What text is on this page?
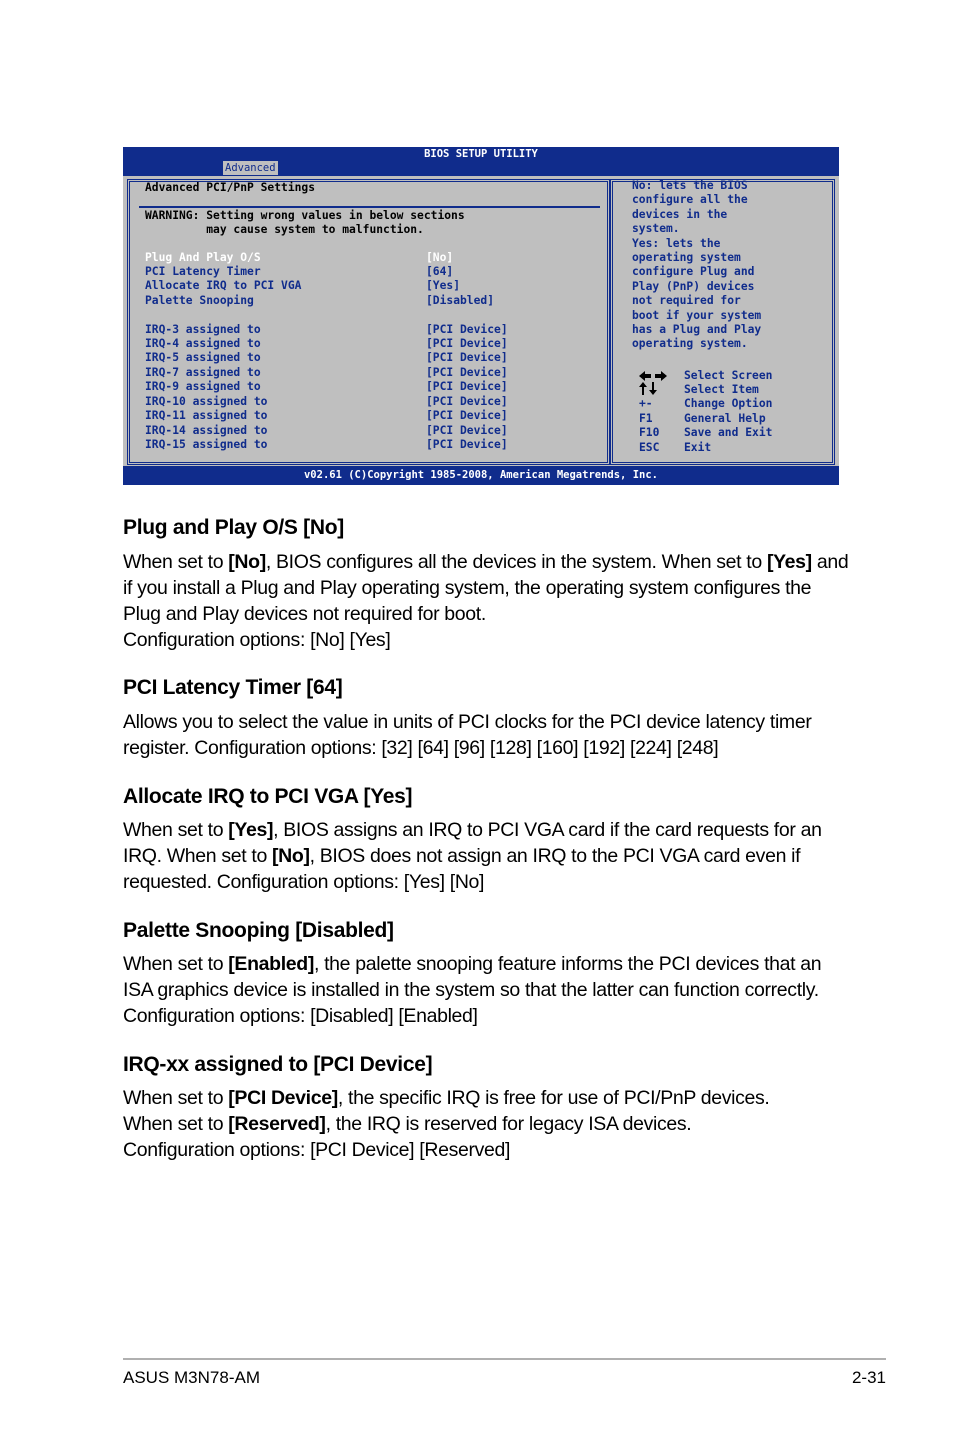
BIOS SETUP UTILITY
Advanced
Advanced PCI/PnP Settings
WARNING: Setting wrong values in below sections
may cause system to malfunction.
Plug And Play O/S	[No]
PCI Latency Timer	[64]
Allocate IRQ to PCI VGA	[Yes]
Palette Snooping	[Disabled]
IRQ-3 assigned to	[PCI Device]
IRQ-4 assigned to	[PCI Device]
IRQ-5 assigned to	[PCI Device]
IRQ-7 assigned to	[PCI Device]
IRQ-9 assigned to	[PCI Device]
IRQ-10 assigned to	[PCI Device]
IRQ-11 assigned to	[PCI Device]
IRQ-14 assigned to	[PCI Device]
IRQ-15 assigned to	[PCI Device]
No: lets the BIOS
configure all the
devices in the
system.
Yes: lets the
operating system
configure Plug and
Play (PnP) devices
not required for
boot if your system
has a Plug and Play
operating system.
Select Screen
Select Item
+-	Change Option
F1	General Help
F10 Save and Exit
ESC Exit
v02.61 (C)Copyright 1985-2008, American Megatrends, Inc.
Plug and Play O/S [No]

When set to [No], BIOS configures all the devices in the system. When set to [Yes] and if you install a Plug and Play operating system, the operating system configures the Plug and Play devices not required for boot.
Configuration options: [No] [Yes]

PCI Latency Timer [64]

Allows you to select the value in units of PCI clocks for the PCI device latency timer register. Configuration options: [32] [64] [96] [128] [160] [192] [224] [248]

Allocate IRQ to PCI VGA [Yes]

When set to [Yes], BIOS assigns an IRQ to PCI VGA card if the card requests for an IRQ. When set to [No], BIOS does not assign an IRQ to the PCI VGA card even if requested. Configuration options: [Yes] [No]

Palette Snooping [Disabled]

When set to [Enabled], the palette snooping feature informs the PCI devices that an ISA graphics device is installed in the system so that the latter can function correctly. Configuration options: [Disabled] [Enabled]

IRQ-xx assigned to [PCI Device]

When set to [PCI Device], the specific IRQ is free for use of PCI/PnP devices.
When set to [Reserved], the IRQ is reserved for legacy ISA devices.
Configuration options: [PCI Device] [Reserved]

ASUS M3N78-AM	2-31
